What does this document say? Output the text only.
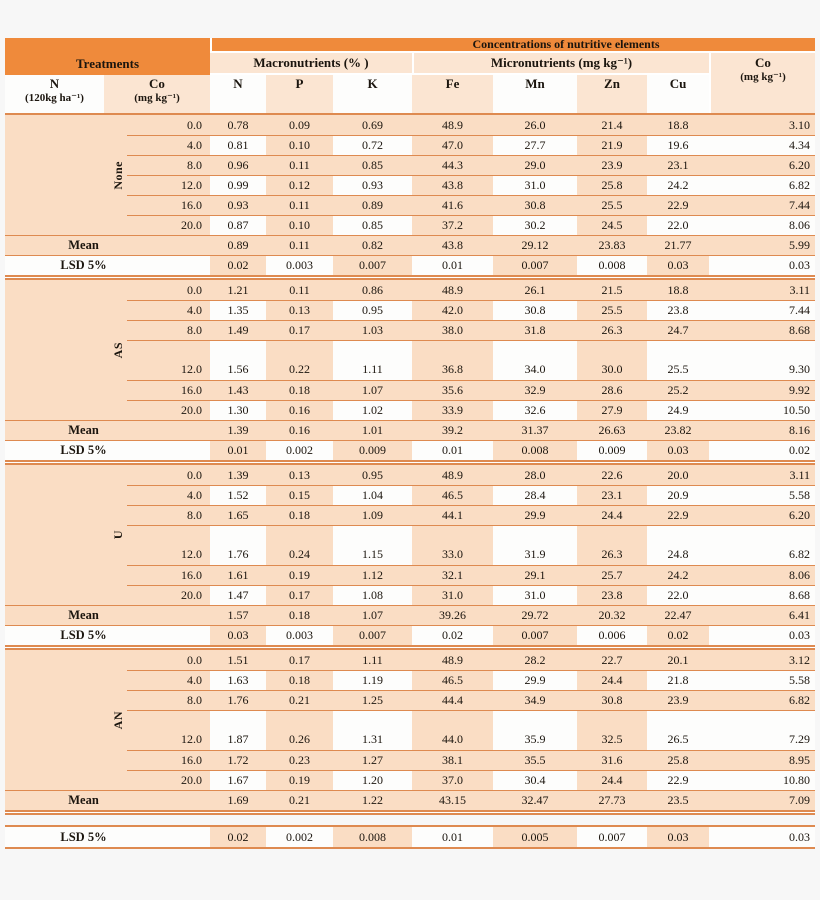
Treatments
Concentrations of nutritive elements
Macronutrients (% )	Micronutrients (mg kg⁻¹)	Co
(mg kg⁻¹)
N
(120kg ha⁻¹)
Co
(mg kg⁻¹)
N	P	K	Fe	Mn	Zn	Cu
None
0.0	0.78	0.09	0.69	48.9	26.0	21.4	18.8	3.10
4.0	0.81	0.10	0.72	47.0	27.7	21.9	19.6	4.34
8.0	0.96	0.11	0.85	44.3	29.0	23.9	23.1	6.20
12.0	0.99	0.12	0.93	43.8	31.0	25.8	24.2	6.82
16.0	0.93	0.11	0.89	41.6	30.8	25.5	22.9	7.44
20.0	0.87	0.10	0.85	37.2	30.2	24.5	22.0	8.06
Mean	0.89	0.11	0.82	43.8	29.12	23.83	21.77	5.99
LSD 5%	0.02	0.003	0.007	0.01	0.007	0.008	0.03	0.03
AS
0.0	1.21	0.11	0.86	48.9	26.1	21.5	18.8	3.11
4.0	1.35	0.13	0.95	42.0	30.8	25.5	23.8	7.44
8.0	1.49	0.17	1.03	38.0	31.8	26.3	24.7	8.68
12.0	1.56	0.22	1.11	36.8	34.0	30.0	25.5	9.30
16.0	1.43	0.18	1.07	35.6	32.9	28.6	25.2	9.92
20.0	1.30	0.16	1.02	33.9	32.6	27.9	24.9	10.50
Mean	1.39	0.16	1.01	39.2	31.37	26.63	23.82	8.16
LSD 5%	0.01	0.002	0.009	0.01	0.008	0.009	0.03	0.02
U
0.0	1.39	0.13	0.95	48.9	28.0	22.6	20.0	3.11
4.0	1.52	0.15	1.04	46.5	28.4	23.1	20.9	5.58
8.0	1.65	0.18	1.09	44.1	29.9	24.4	22.9	6.20
12.0	1.76	0.24	1.15	33.0	31.9	26.3	24.8	6.82
16.0	1.61	0.19	1.12	32.1	29.1	25.7	24.2	8.06
20.0	1.47	0.17	1.08	31.0	31.0	23.8	22.0	8.68
Mean	1.57	0.18	1.07	39.26	29.72	20.32	22.47	6.41
LSD 5%	0.03	0.003	0.007	0.02	0.007	0.006	0.02	0.03
AN
0.0	1.51	0.17	1.11	48.9	28.2	22.7	20.1	3.12
4.0	1.63	0.18	1.19	46.5	29.9	24.4	21.8	5.58
8.0	1.76	0.21	1.25	44.4	34.9	30.8	23.9	6.82
12.0	1.87	0.26	1.31	44.0	35.9	32.5	26.5	7.29
16.0	1.72	0.23	1.27	38.1	35.5	31.6	25.8	8.95
20.0	1.67	0.19	1.20	37.0	30.4	24.4	22.9	10.80
Mean	1.69	0.21	1.22	43.15	32.47	27.73	23.5	7.09
LSD 5%	0.02	0.002	0.008	0.01	0.005	0.007	0.03	0.03
